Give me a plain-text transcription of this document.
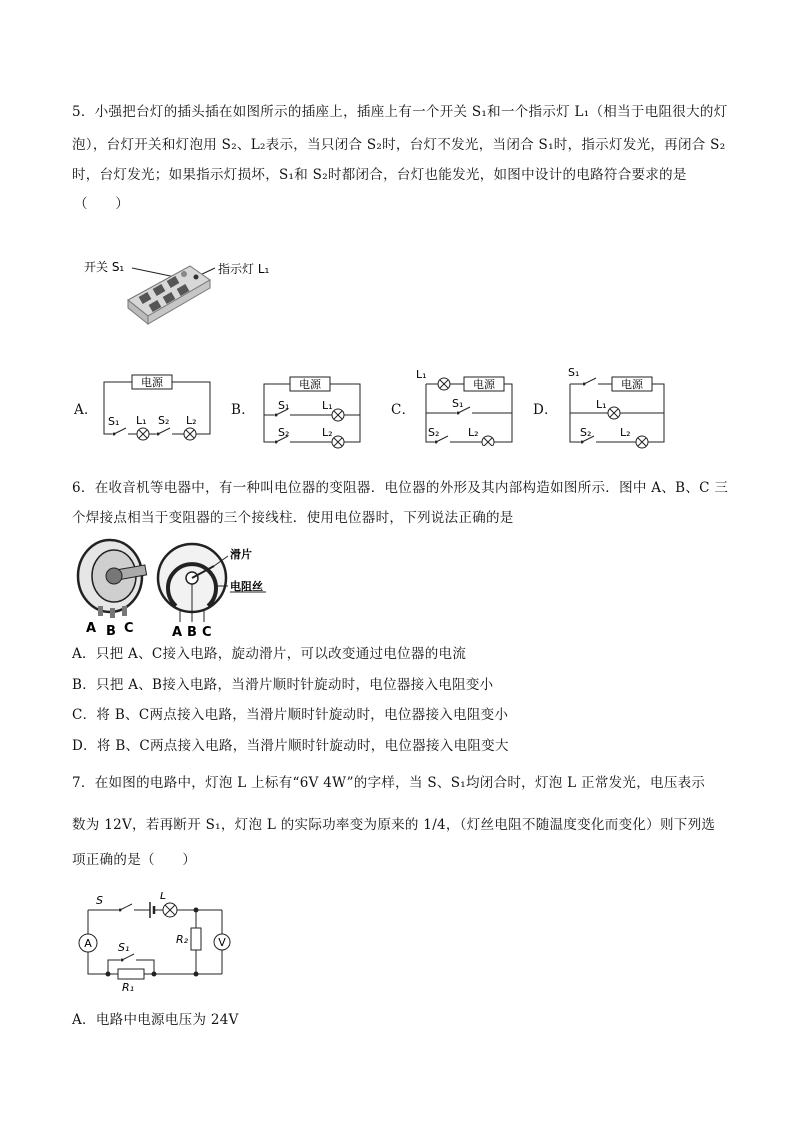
5．小强把台灯的插头插在如图所示的插座上，插座上有一个开关 S₁和一个指示灯 L₁（相当于电阻很大的灯
泡），台灯开关和灯泡用 S₂、L₂表示，当只闭合 S₂时，台灯不发光，当闭合 S₁时，指示灯发光，再闭合 S₂
时，台灯发光；如果指示灯损坏，S₁和 S₂时都闭合，台灯也能发光，如图中设计的电路符合要求的是
（　　）
开关 S₁	指示灯 L₁
A．	B．	C．	D．
电源
S₁ L₁ S₂ L₂
电源
S₁	L₁
S₂	L₂
L₁
电源
S₁
S₂	L₂
S₁
电源
L₁
S₂	L₂
6．在收音机等电器中，有一种叫电位器的变阻器．电位器的外形及其内部构造如图所示．图中 A、B、C 三
个焊接点相当于变阻器的三个接线柱．使用电位器时，下列说法正确的是
A B C	A B C
滑片
电阻丝
A．只把 A、C接入电路，旋动滑片，可以改变通过电位器的电流
B．只把 A、B接入电路，当滑片顺时针旋动时，电位器接入电阻变小
C．将 B、C两点接入电路，当滑片顺时针旋动时，电位器接入电阻变小
D．将 B、C两点接入电路，当滑片顺时针旋动时，电位器接入电阻变大
7．在如图的电路中，灯泡 L 上标有“6V 4W”的字样，当 S、S₁均闭合时，灯泡 L 正常发光，电压表示
数为 12V，若再断开 S₁，灯泡 L 的实际功率变为原来的 1/4，（灯丝电阻不随温度变化而变化）则下列选
项正确的是（　　）
S	L
S₁
R₁
R₂
A	V
A．电路中电源电压为 24V
